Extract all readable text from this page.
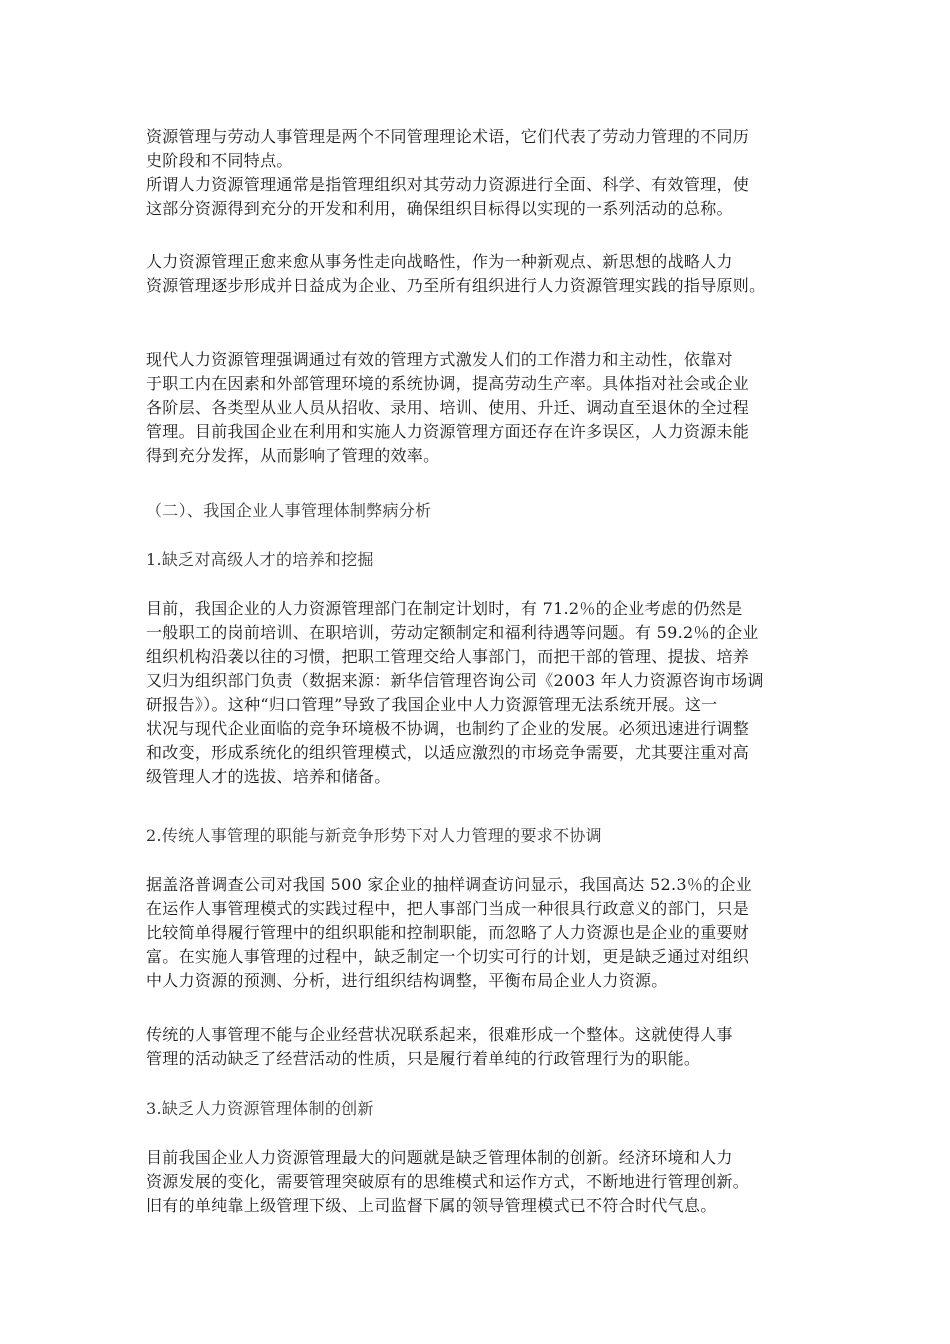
资源管理与劳动人事管理是两个不同管理理论术语，它们代表了劳动力管理的不同历
史阶段和不同特点。
所谓人力资源管理通常是指管理组织对其劳动力资源进行全面、科学、有效管理，使
这部分资源得到充分的开发和利用，确保组织目标得以实现的一系列活动的总称。
人力资源管理正愈来愈从事务性走向战略性，作为一种新观点、新思想的战略人力
资源管理逐步形成并日益成为企业、乃至所有组织进行人力资源管理实践的指导原则。
现代人力资源管理强调通过有效的管理方式激发人们的工作潜力和主动性，依靠对
于职工内在因素和外部管理环境的系统协调，提高劳动生产率。具体指对社会或企业
各阶层、各类型从业人员从招收、录用、培训、使用、升迁、调动直至退休的全过程
管理。目前我国企业在利用和实施人力资源管理方面还存在许多误区，人力资源未能
得到充分发挥，从而影响了管理的效率。
（二）、我国企业人事管理体制弊病分析
1.缺乏对高级人才的培养和挖掘
目前，我国企业的人力资源管理部门在制定计划时，有 71.2％的企业考虑的仍然是
一般职工的岗前培训、在职培训，劳动定额制定和福利待遇等问题。有 59.2％的企业
组织机构沿袭以往的习惯，把职工管理交给人事部门，而把干部的管理、提拔、培养
又归为组织部门负责（数据来源：新华信管理咨询公司《2003 年人力资源咨询市场调
研报告》）。这种“归口管理”导致了我国企业中人力资源管理无法系统开展。这一
状况与现代企业面临的竞争环境极不协调，也制约了企业的发展。必须迅速进行调整
和改变，形成系统化的组织管理模式，以适应激烈的市场竞争需要，尤其要注重对高
级管理人才的选拔、培养和储备。
2.传统人事管理的职能与新竞争形势下对人力管理的要求不协调
据盖洛普调查公司对我国 500 家企业的抽样调查访问显示，我国高达 52.3％的企业
在运作人事管理模式的实践过程中，把人事部门当成一种很具行政意义的部门，只是
比较简单得履行管理中的组织职能和控制职能，而忽略了人力资源也是企业的重要财
富。在实施人事管理的过程中，缺乏制定一个切实可行的计划，更是缺乏通过对组织
中人力资源的预测、分析，进行组织结构调整，平衡布局企业人力资源。
传统的人事管理不能与企业经营状况联系起来，很难形成一个整体。这就使得人事
管理的活动缺乏了经营活动的性质，只是履行着单纯的行政管理行为的职能。
3.缺乏人力资源管理体制的创新
目前我国企业人力资源管理最大的问题就是缺乏管理体制的创新。经济环境和人力
资源发展的变化，需要管理突破原有的思维模式和运作方式，不断地进行管理创新。
旧有的单纯靠上级管理下级、上司监督下属的领导管理模式已不符合时代气息。
